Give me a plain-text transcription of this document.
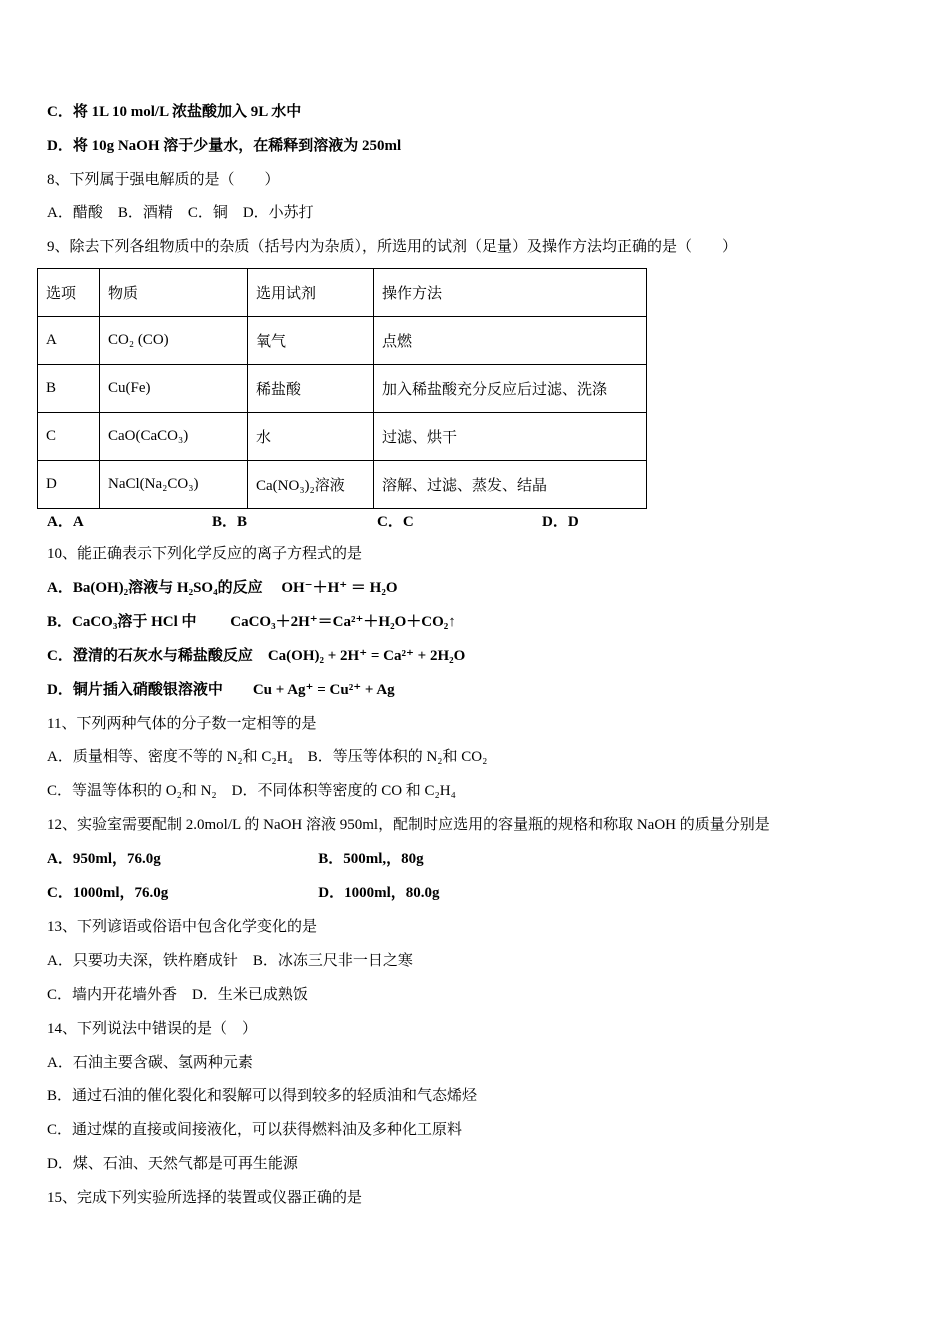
选项	物质	选用试剂	操作方法
A	CO₂ (CO)	氧气	点燃
B	Cu(Fe)	稀盐酸	加入稀盐酸充分反应后过滤、洗涤
C	CaO(CaCO₃)	水	过滤、烘干
D	NaCl(Na₂CO₃)	Ca(NO₃)₂溶液	溶解、过滤、蒸发、结晶
A．A	B．B	C．C	D．D
C．将 1L 10 mol/L 浓盐酸加入 9L 水中
D．将 10g NaOH 溶于少量水，在稀释到溶液为 250ml
8、下列属于强电解质的是（　　）
A．醋酸　B．酒精　C．铜　D．小苏打
9、除去下列各组物质中的杂质（括号内为杂质），所选用的试剂（足量）及操作方法均正确的是（　　）
10、能正确表示下列化学反应的离子方程式的是
A．Ba(OH)₂溶液与 H₂SO₄的反应　 OH⁻＋H⁺ ＝ H₂O
B．CaCO₃溶于 HCl 中　　 CaCO₃＋2H⁺＝Ca²⁺＋H₂O＋CO₂↑
C．澄清的石灰水与稀盐酸反应　Ca(OH)₂ + 2H⁺ = Ca²⁺ + 2H₂O
D．铜片插入硝酸银溶液中　　Cu + Ag⁺ = Cu²⁺ + Ag
11、下列两种气体的分子数一定相等的是
A．质量相等、密度不等的 N₂和 C₂H₄　B．等压等体积的 N₂和 CO₂
C．等温等体积的 O₂和 N₂　D．不同体积等密度的 CO 和 C₂H₄
12、实验室需要配制 2.0mol/L 的 NaOH 溶液 950ml，配制时应选用的容量瓶的规格和称取 NaOH 的质量分别是
A．950ml，76.0g                                          B．500ml,，80g
C．1000ml，76.0g                                        D．1000ml，80.0g
13、下列谚语或俗语中包含化学变化的是
A．只要功夫深，铁杵磨成针　B．冰冻三尺非一日之寒
C．墙内开花墙外香　D．生米已成熟饭
14、下列说法中错误的是（　）
A．石油主要含碳、氢两种元素
B．通过石油的催化裂化和裂解可以得到较多的轻质油和气态烯烃
C．通过煤的直接或间接液化，可以获得燃料油及多种化工原料
D．煤、石油、天然气都是可再生能源
15、完成下列实验所选择的装置或仪器正确的是
